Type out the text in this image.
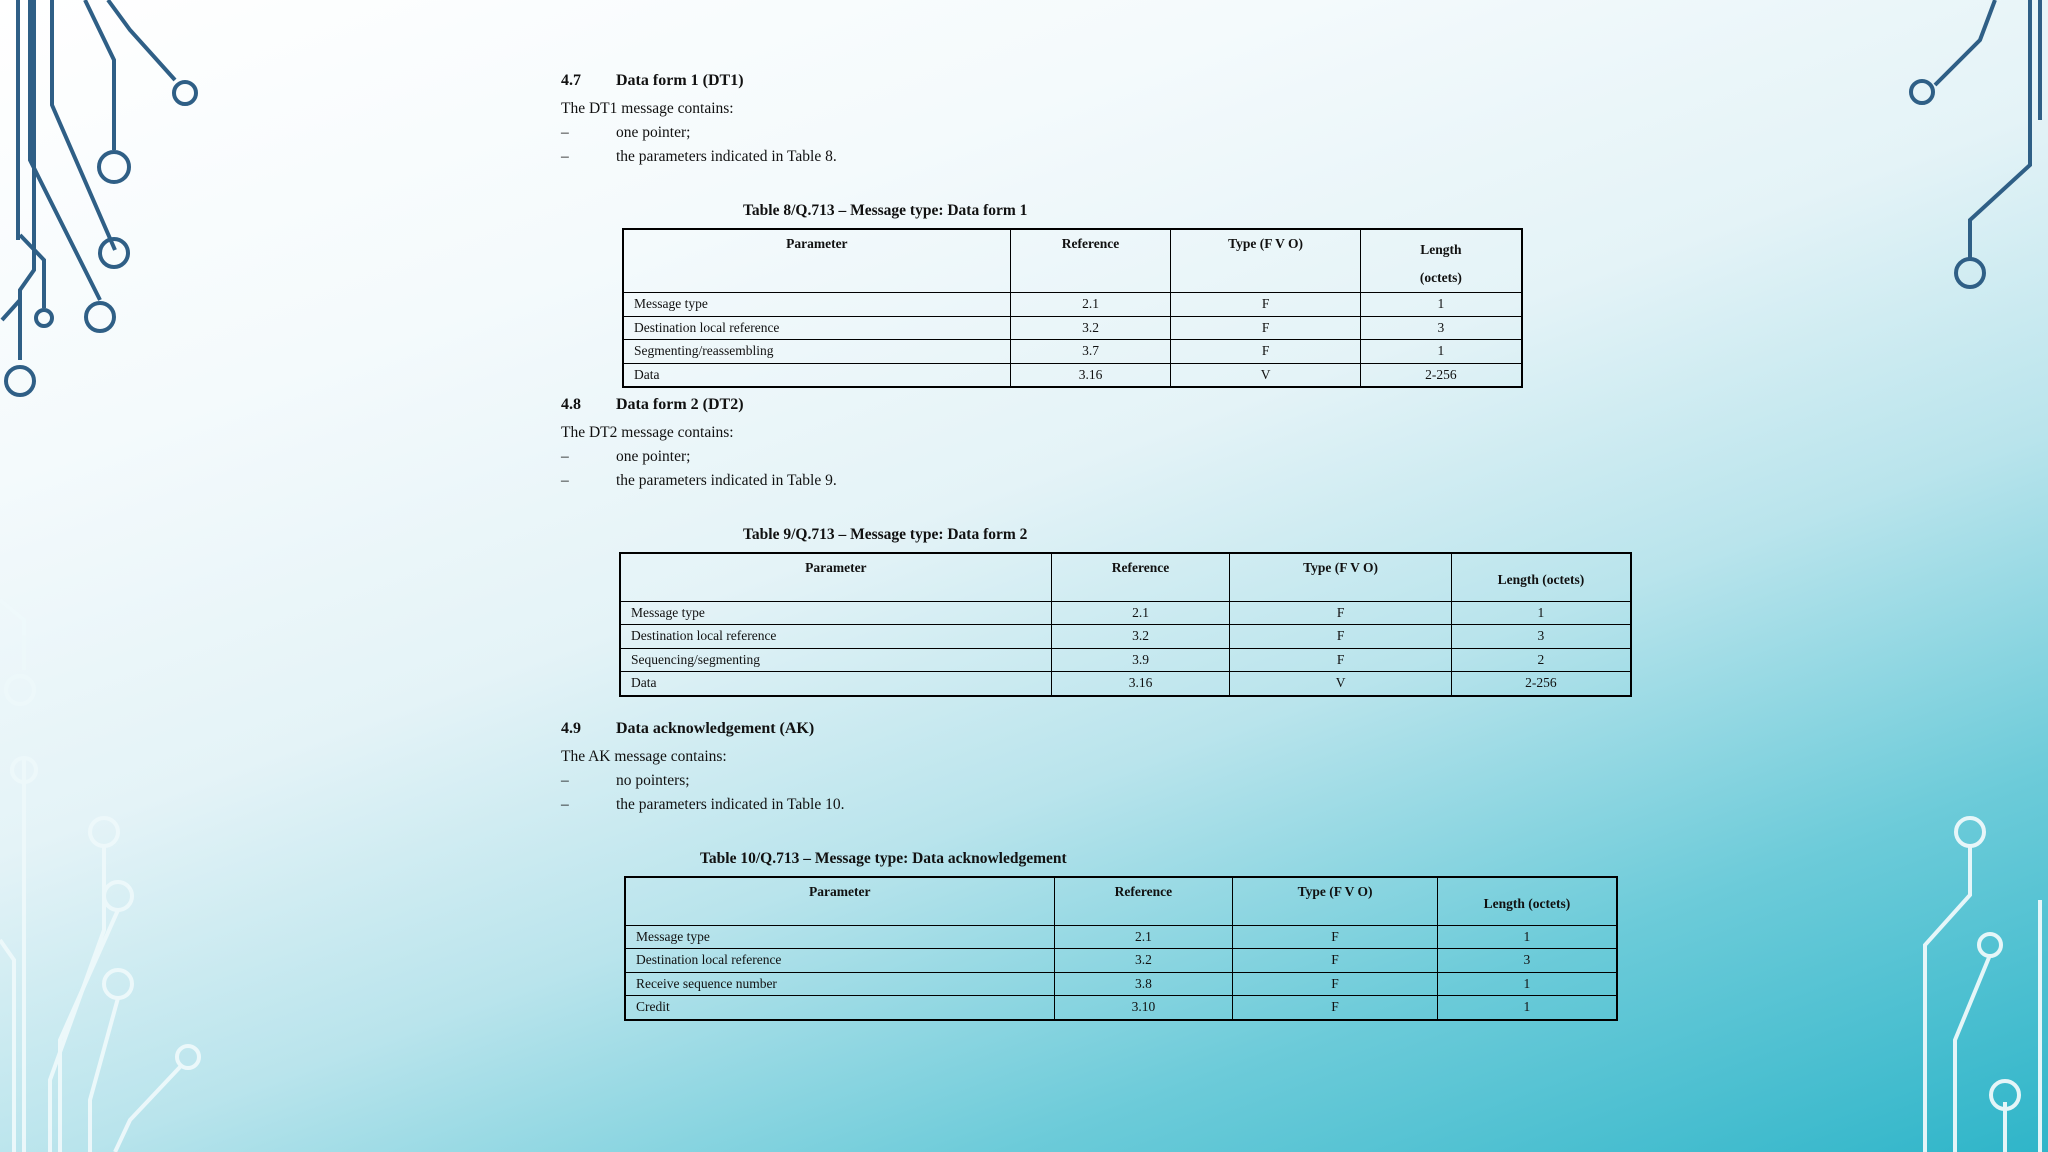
4.7 Data form 1 (DT1)

The DT1 message contains:

–	one pointer;

–	the parameters indicated in Table 8.

Table 8/Q.713 – Message type: Data form 1

Parameter	Reference	Type (F V O)	Length
(octets)
Message type	2.1	F	1
Destination local reference	3.2	F	3
Segmenting/reassembling	3.7	F	1
Data	3.16	V	2-256

4.8 Data form 2 (DT2)

The DT2 message contains:

–	one pointer;

–	the parameters indicated in Table 9.

Table 9/Q.713 – Message type: Data form 2

Parameter	Reference	Type (F V O)	Length (octets)
Message type	2.1	F	1
Destination local reference	3.2	F	3
Sequencing/segmenting	3.9	F	2
Data	3.16	V	2-256

4.9 Data acknowledgement (AK)

The AK message contains:

–	no pointers;

–	the parameters indicated in Table 10.

Table 10/Q.713 – Message type: Data acknowledgement

Parameter	Reference	Type (F V O)	Length (octets)
Message type	2.1	F	1
Destination local reference	3.2	F	3
Receive sequence number	3.8	F	1
Credit	3.10	F	1
